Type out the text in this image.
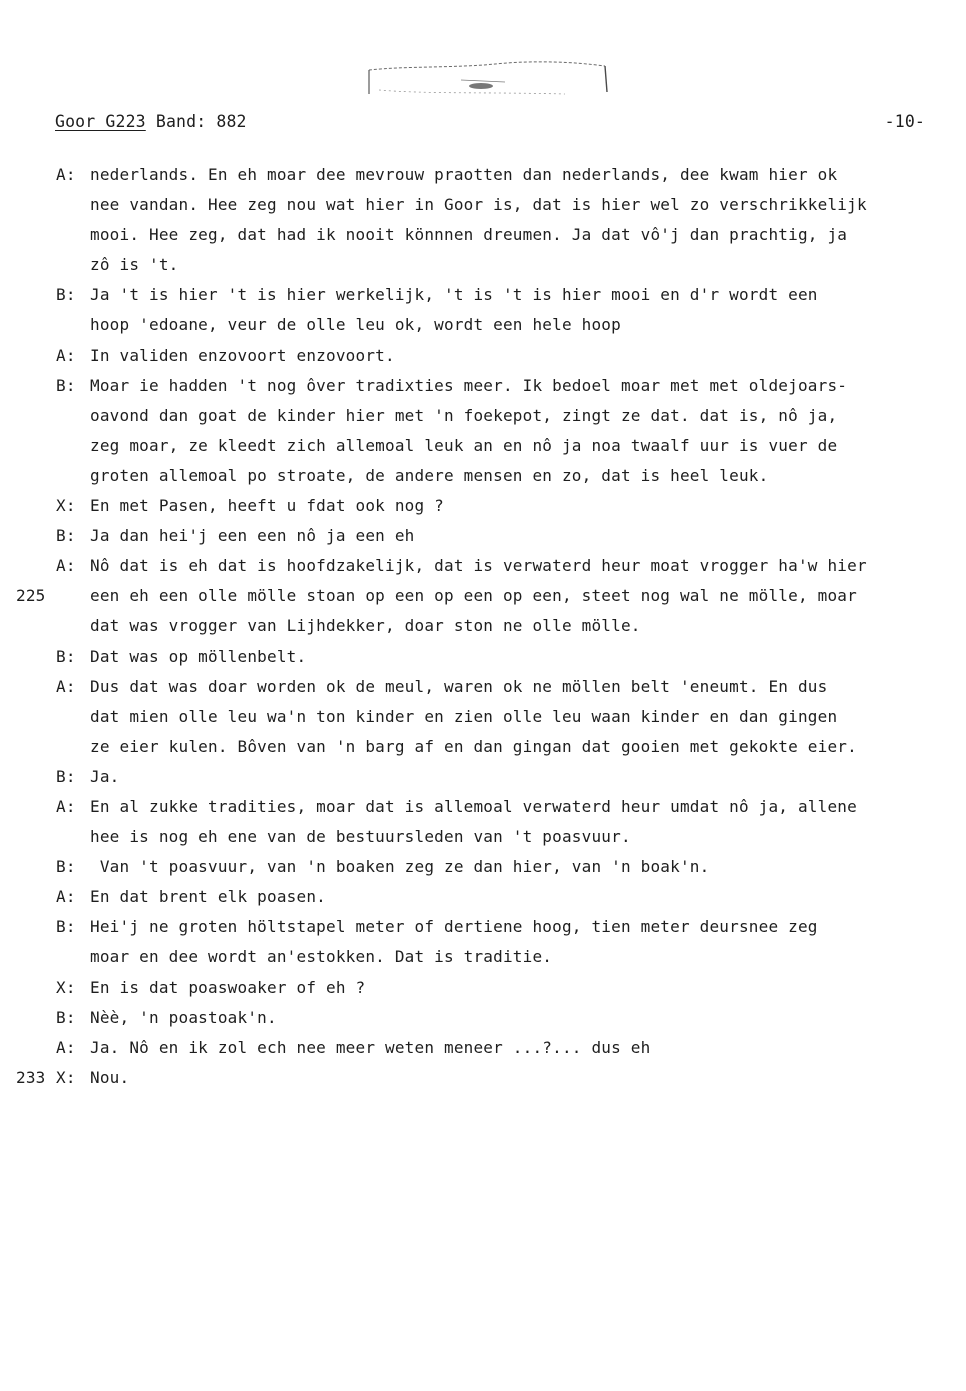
Goor G223 Band: 882	-10-
A: nederlands. En eh moar dee mevrouw praotten dan nederlands, dee kwam hier ok
nee vandan. Hee zeg nou wat hier in Goor is, dat is hier wel zo verschrikkelijk
mooi. Hee zeg, dat had ik nooit könnnen dreumen. Ja dat vô'j dan prachtig, ja
zô is 't.
B: Ja 't is hier 't is hier werkelijk, 't is 't is hier mooi en d'r wordt een
hoop 'edoane, veur de olle leu ok, wordt een hele hoop
A: In validen enzovoort enzovoort.
B: Moar ie hadden 't nog ôver tradixties meer. Ik bedoel moar met met oldejoars-
oavond dan goat de kinder hier met 'n foekepot, zingt ze dat. dat is, nô ja,
zeg moar, ze kleedt zich allemoal leuk an en nô ja noa twaalf uur is vuer de
groten allemoal po stroate, de andere mensen en zo, dat is heel leuk.
X: En met Pasen, heeft u fdat ook nog ?
B: Ja dan hei'j een een nô ja een eh
A: Nô dat is eh dat is hoofdzakelijk, dat is verwaterd heur moat vrogger ha'w hier
225	een eh een olle mölle stoan op een op een op een, steet nog wal ne mölle, moar
dat was vrogger van Lijhdekker, doar ston ne olle mölle.
B: Dat was op möllenbelt.
A: Dus dat was doar worden ok de meul, waren ok ne möllen belt 'eneumt. En dus
dat mien olle leu wa'n ton kinder en zien olle leu waan kinder en dan gingen
ze eier kulen. Bôven van 'n barg af en dan gingan dat gooien met gekokte eier.
B: Ja.
A: En al zukke tradities, moar dat is allemoal verwaterd heur umdat nô ja, allene
hee is nog eh ene van de bestuursleden van 't poasvuur.
B: Van 't poasvuur, van 'n boaken zeg ze dan hier, van 'n boak'n.
A: En dat brent elk poasen.
B: Hei'j ne groten höltstapel meter of dertiene hoog, tien meter deursnee zeg
moar en dee wordt an'estokken. Dat is traditie.
X: En is dat poaswoaker of eh ?
B: Nèè, 'n poastoak'n.
A: Ja. Nô en ik zol ech nee meer weten meneer ...?... dus eh
233 X: Nou.
